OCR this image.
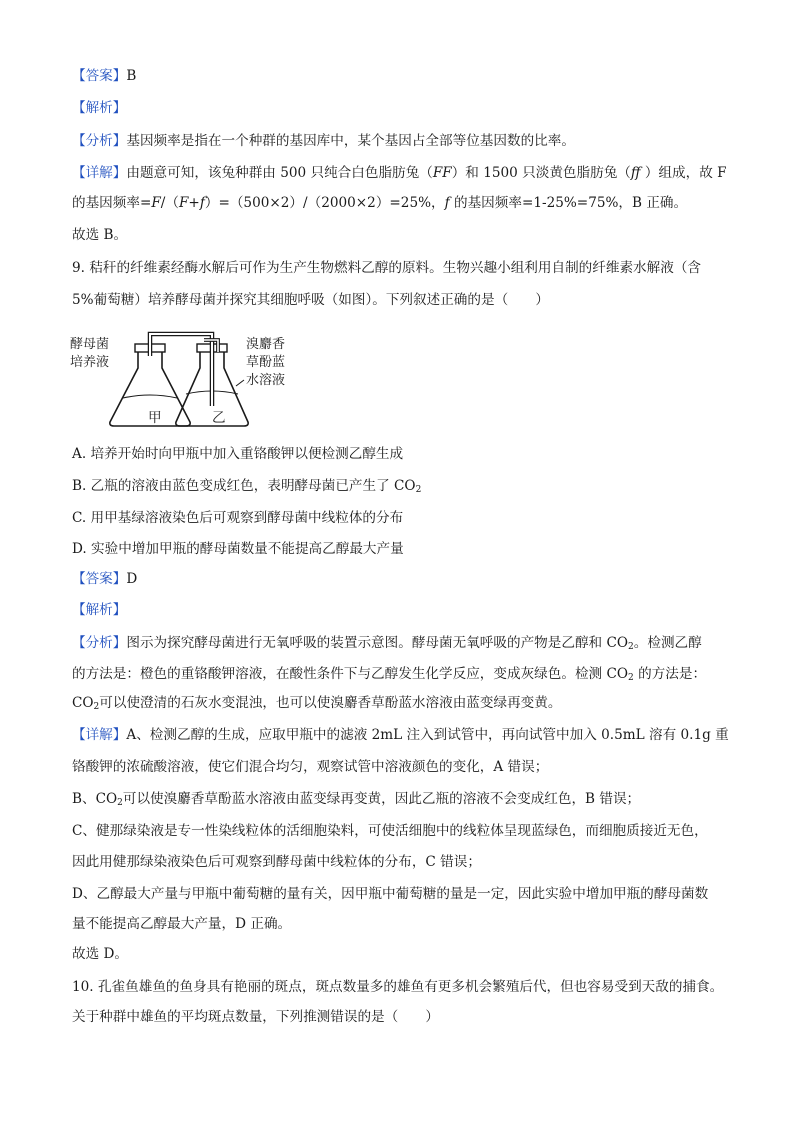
【答案】B
【解析】
【分析】基因频率是指在一个种群的基因库中，某个基因占全部等位基因数的比率。
【详解】由题意可知，该兔种群由 500 只纯合白色脂肪兔（FF）和 1500 只淡黄色脂肪兔（ff ）组成，故 F
的基因频率=F/（F+f）=（500×2）/（2000×2）=25%，f 的基因频率=1-25%=75%，B 正确。
故选 B。
9. 秸秆的纤维素经酶水解后可作为生产生物燃料乙醇的原料。生物兴趣小组利用自制的纤维素水解液（含
5%葡萄糖）培养酵母菌并探究其细胞呼吸（如图）。下列叙述正确的是（　　）
酵母菌
培养液
溴麝香
草酚蓝
水溶液
甲	乙
A. 培养开始时向甲瓶中加入重铬酸钾以便检测乙醇生成
B. 乙瓶的溶液由蓝色变成红色，表明酵母菌已产生了 $CO_2$
C. 用甲基绿溶液染色后可观察到酵母菌中线粒体的分布
D. 实验中增加甲瓶的酵母菌数量不能提高乙醇最大产量
【答案】D
【解析】
【分析】图示为探究酵母菌进行无氧呼吸的装置示意图。酵母菌无氧呼吸的产物是乙醇和 $CO_2$。检测乙醇
的方法是：橙色的重铬酸钾溶液，在酸性条件下与乙醇发生化学反应，变成灰绿色。检测 $CO_2$ 的方法是：
$CO_2$可以使澄清的石灰水变混浊，也可以使溴麝香草酚蓝水溶液由蓝变绿再变黄。
【详解】A、检测乙醇的生成，应取甲瓶中的滤液 2mL 注入到试管中，再向试管中加入 0.5mL 溶有 0.1g 重
铬酸钾的浓硫酸溶液，使它们混合均匀，观察试管中溶液颜色的变化，A 错误；
B、$CO_2$可以使溴麝香草酚蓝水溶液由蓝变绿再变黄，因此乙瓶的溶液不会变成红色，B 错误；
C、健那绿染液是专一性染线粒体的活细胞染料，可使活细胞中的线粒体呈现蓝绿色，而细胞质接近无色，
因此用健那绿染液染色后可观察到酵母菌中线粒体的分布，C 错误；
D、乙醇最大产量与甲瓶中葡萄糖的量有关，因甲瓶中葡萄糖的量是一定，因此实验中增加甲瓶的酵母菌数
量不能提高乙醇最大产量，D 正确。
故选 D。
10. 孔雀鱼雄鱼的鱼身具有艳丽的斑点，斑点数量多的雄鱼有更多机会繁殖后代，但也容易受到天敌的捕食。
关于种群中雄鱼的平均斑点数量，下列推测错误的是（　　）
